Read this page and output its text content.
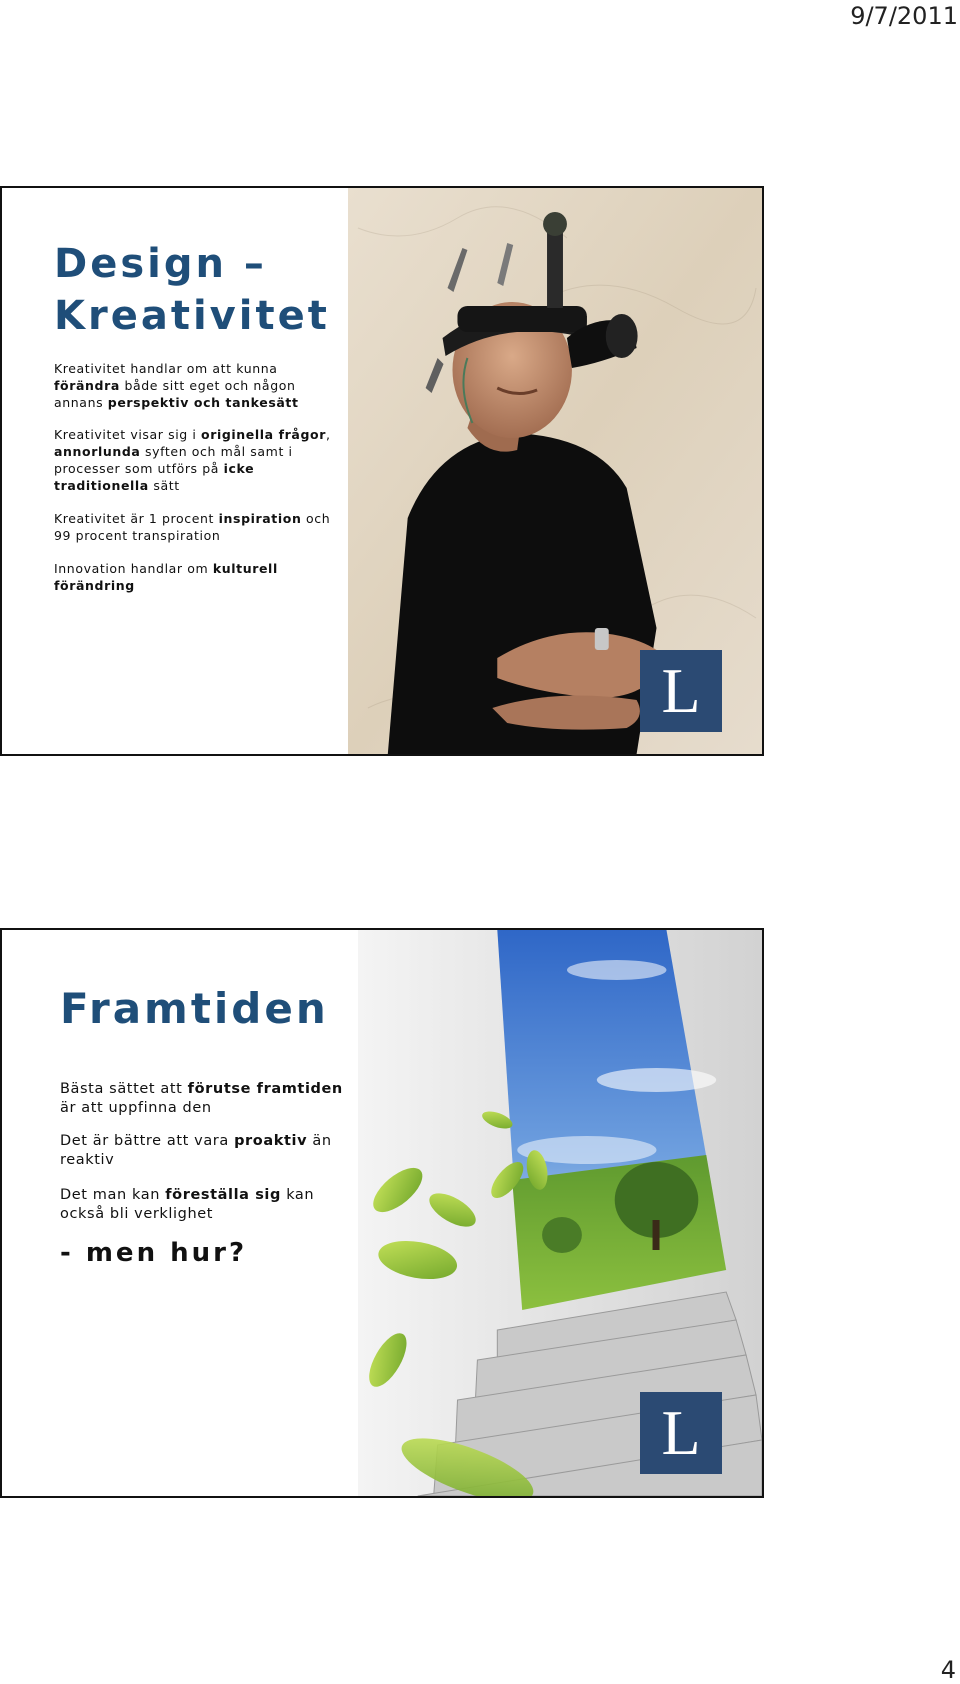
9/7/2011
Design – Kreativitet
Kreativitet handlar om att kunna förändra både sitt eget och någon annans perspektiv och tankesätt
Kreativitet visar sig i originella frågor, annorlunda syften och mål samt i processer som utförs på icke traditionella sätt
Kreativitet är 1 procent inspiration och 99 procent transpiration
Innovation handlar om kulturell förändring
L
Framtiden
Bästa sättet att förutse framtiden är att uppfinna den
Det är bättre att vara proaktiv än reaktiv
Det man kan föreställa sig kan också bli verklighet
- men hur?
L
4
